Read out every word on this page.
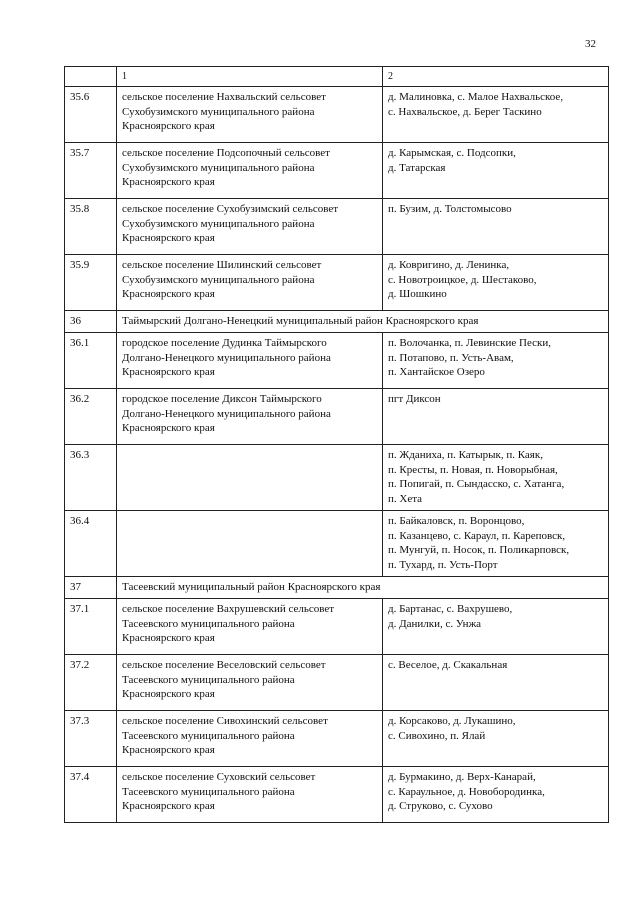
32
	1	2
35.6	сельское поселение Нахвальский сельсовет
Сухобузимского муниципального района
Красноярского края	д. Малиновка, с. Малое Нахвальское,
с. Нахвальское, д. Берег Таскино

35.7	сельское поселение Подсопочный сельсовет
Сухобузимского муниципального района
Красноярского края	д. Карымская, с. Подсопки,
д. Татарская

35.8	сельское поселение Сухобузимский сельсовет
Сухобузимского муниципального района
Красноярского края	п. Бузим, д. Толстомысово

35.9	сельское поселение Шилинский сельсовет
Сухобузимского муниципального района
Красноярского края	д. Ковригино, д. Ленинка,
с. Новотроицкое, д. Шестаково,
д. Шошкино

36	Таймырский Долгано-Ненецкий муниципальный район Красноярского края	
36.1	городское поселение Дудинка Таймырского
Долгано-Ненецкого муниципального района
Красноярского края	п. Волочанка, п. Левинские Пески,
п. Потапово, п. Усть-Авам,
п. Хантайское Озеро

36.2	городское поселение Диксон Таймырского
Долгано-Ненецкого муниципального района
Красноярского края	пгт Диксон

36.3		п. Жданиха, п. Катырык, п. Каяк,
п. Кресты, п. Новая, п. Новорыбная,
п. Попигай, п. Сындасско, с. Хатанга,
п. Хета

36.4		п. Байкаловск, п. Воронцово,
п. Казанцево, с. Караул, п. Кареповск,
п. Мунгуй, п. Носок, п. Поликарповск,
п. Тухард, п. Усть-Порт

37	Тасеевский муниципальный район Красноярского края	
37.1	сельское поселение Вахрушевский сельсовет
Тасеевского муниципального района
Красноярского края	д. Бартанас, с. Вахрушево,
д. Данилки, с. Унжа

37.2	сельское поселение Веселовский сельсовет
Тасеевского муниципального района
Красноярского края	с. Веселое, д. Скакальная

37.3	сельское поселение Сивохинский сельсовет
Тасеевского муниципального района
Красноярского края	д. Корсаково, д. Лукашино,
с. Сивохино, п. Ялай

37.4	сельское поселение Суховский сельсовет
Тасеевского муниципального района
Красноярского края	д. Бурмакино, д. Верх-Канарай,
с. Караульное, д. Новобородинка,
д. Струково, с. Сухово
